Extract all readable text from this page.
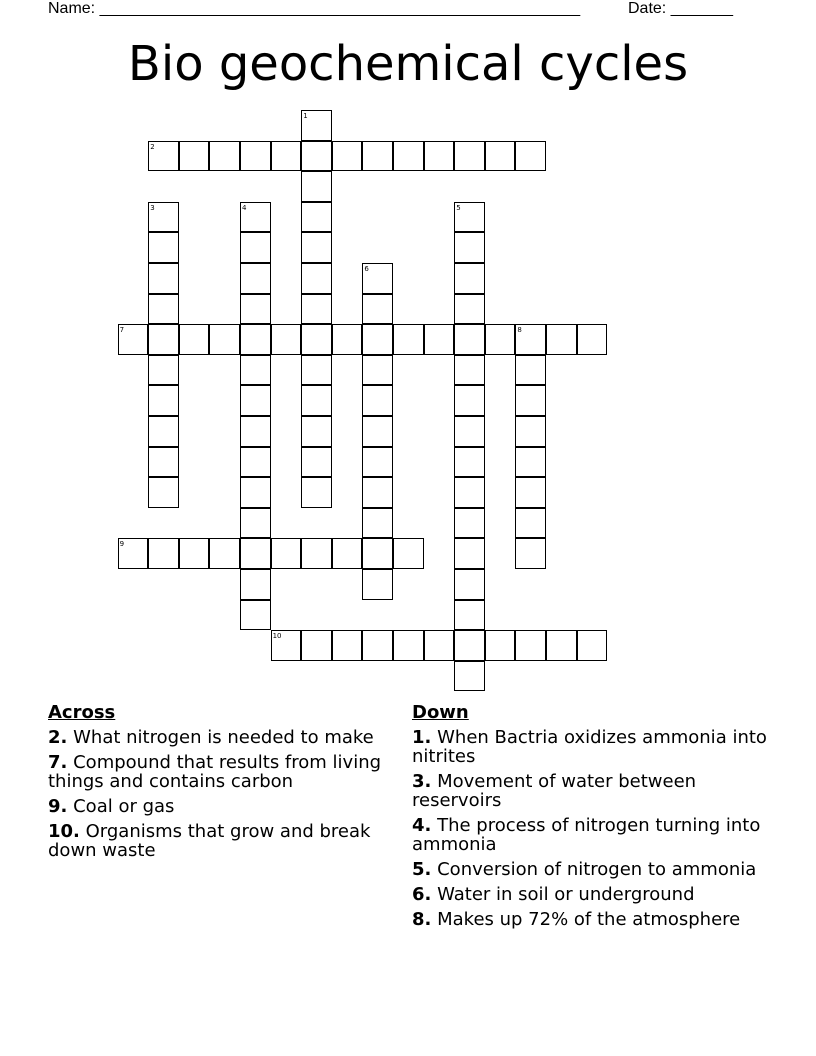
Name: ______________________________________________________	Date: _______
Bio geochemical cycles
1
2
3	4	5
6
7	8
9
10
Across
2. What nitrogen is needed to make
7. Compound that results from living things and contains carbon
9. Coal or gas
10. Organisms that grow and break down waste
Down
1. When Bactria oxidizes ammonia into nitrites
3. Movement of water between reservoirs
4. The process of nitrogen turning into ammonia
5. Conversion of nitrogen to ammonia
6. Water in soil or underground
8. Makes up 72% of the atmosphere
